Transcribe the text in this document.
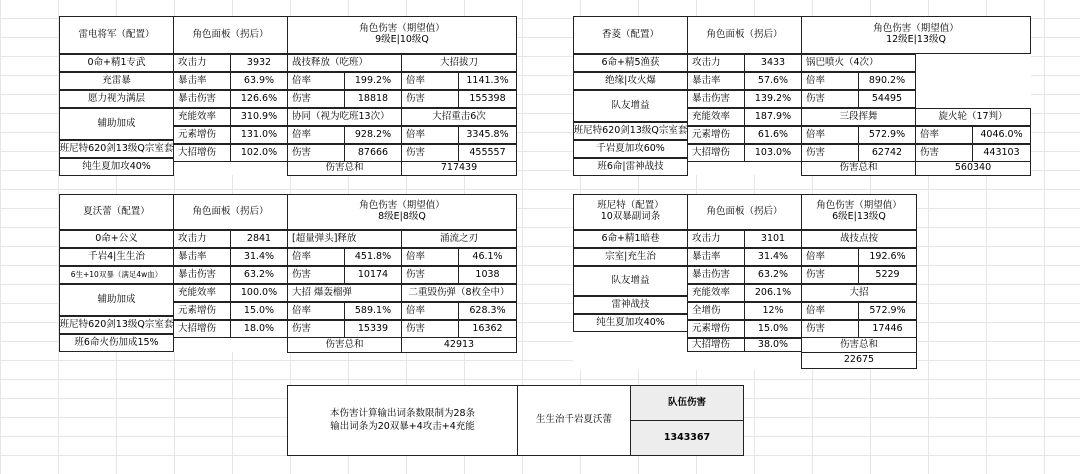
雷电将军（配置）
0命+精1专武
充雷暴
愿力视为满层
辅助加成
班尼特620剑13级Q宗室套
纯生夏加攻40%
角色面板（拐后）
攻击力	3932
暴击率	63.9%
暴击伤害	126.6%
充能效率	310.9%
元素增伤	131.0%
大招增伤	102.0%
角色伤害（期望值）
9级E|10级Q
战技释放（吃班）	大招拔刀
倍率	199.2%	倍率	1141.3%
伤害	18818	伤害	155398
协同（视为吃班13次）	大招重击6次
倍率	928.2%	倍率	3345.8%
伤害	87666	伤害	455557
伤害总和	717439
香菱（配置）
6命+精5渔获
绝缘|攻火爆
队友增益
班尼特620剑13级Q宗室套
千岩夏加攻60%
班6命|雷神战技
角色面板（拐后）
攻击力	3433
暴击率	57.6%
暴击伤害	139.2%
充能效率	187.9%
元素增伤	61.6%
大招增伤	103.0%
角色伤害（期望值）
12级E|13级Q
锅巴喷火（4次）
倍率	890.2%
伤害	54495
三段挥舞	旋火轮（17判）
倍率	572.9%	倍率	4046.0%
伤害	62742	伤害	443103
伤害总和	560340
夏沃蕾（配置）
0命+公义
千岩4|生生治
6生+10双暴（满足4w血）
辅助加成
班尼特620剑13级Q宗室套
班6命火伤加成15%
角色面板（拐后）
攻击力	2841
暴击率	31.4%
暴击伤害	63.2%
充能效率	100.0%
元素增伤	15.0%
大招增伤	18.0%
角色伤害（期望值）
8级E|8级Q
[超量弹头]释放	涌流之刃
倍率	451.8%	倍率	46.1%
伤害	10174	伤害	1038
大招 爆轰榴弹	二重毁伤弹（8枚全中）
倍率	589.1%	倍率	628.3%
伤害	15339	伤害	16362
伤害总和	42913
班尼特（配置）
10双暴副词条
6命+精1暗巷
宗室|充生治
队友增益
雷神战技
纯生夏加攻40%
角色面板（拐后）
攻击力	3101
暴击率	31.4%
暴击伤害	63.2%
充能效率	206.1%
全增伤	12%
元素增伤	15.0%
大招增伤	38.0%
角色伤害（期望值）
6级E|13级Q
战技点按
倍率	192.6%
伤害	5229
大招
倍率	572.9%
伤害	17446
伤害总和
22675
本伤害计算输出词条数限制为28条
输出词条为20双暴+4攻击+4充能
生生治千岩夏沃蕾
队伍伤害
1343367
